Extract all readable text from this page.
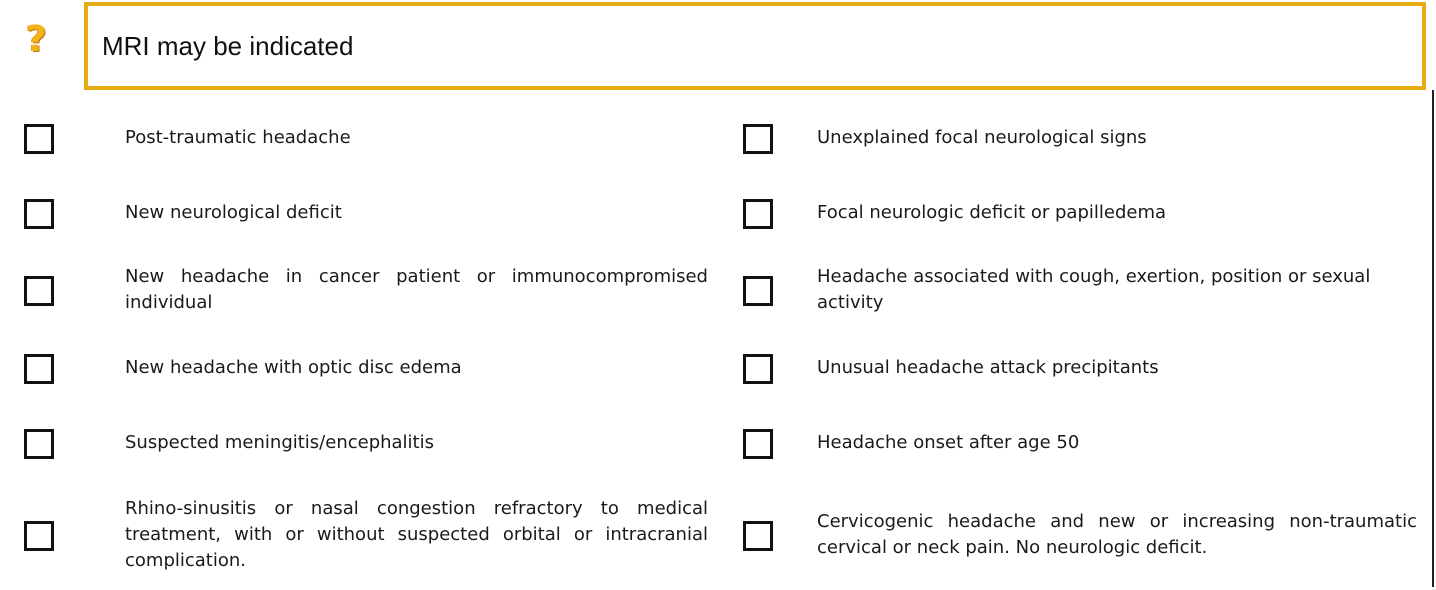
? MRI may be indicated
Post-traumatic headache
New neurological deficit
New headache in cancer patient or immunocompromised individual
New headache with optic disc edema
Suspected meningitis/encephalitis
Rhino-sinusitis or nasal congestion refractory to medical treatment, with or without suspected orbital or intracranial complication.
Unexplained focal neurological signs
Focal neurologic deficit or papilledema
Headache associated with cough, exertion, position or sexual activity
Unusual headache attack precipitants
Headache onset after age 50
Cervicogenic headache and new or increasing non-traumatic cervical or neck pain. No neurologic deficit.
